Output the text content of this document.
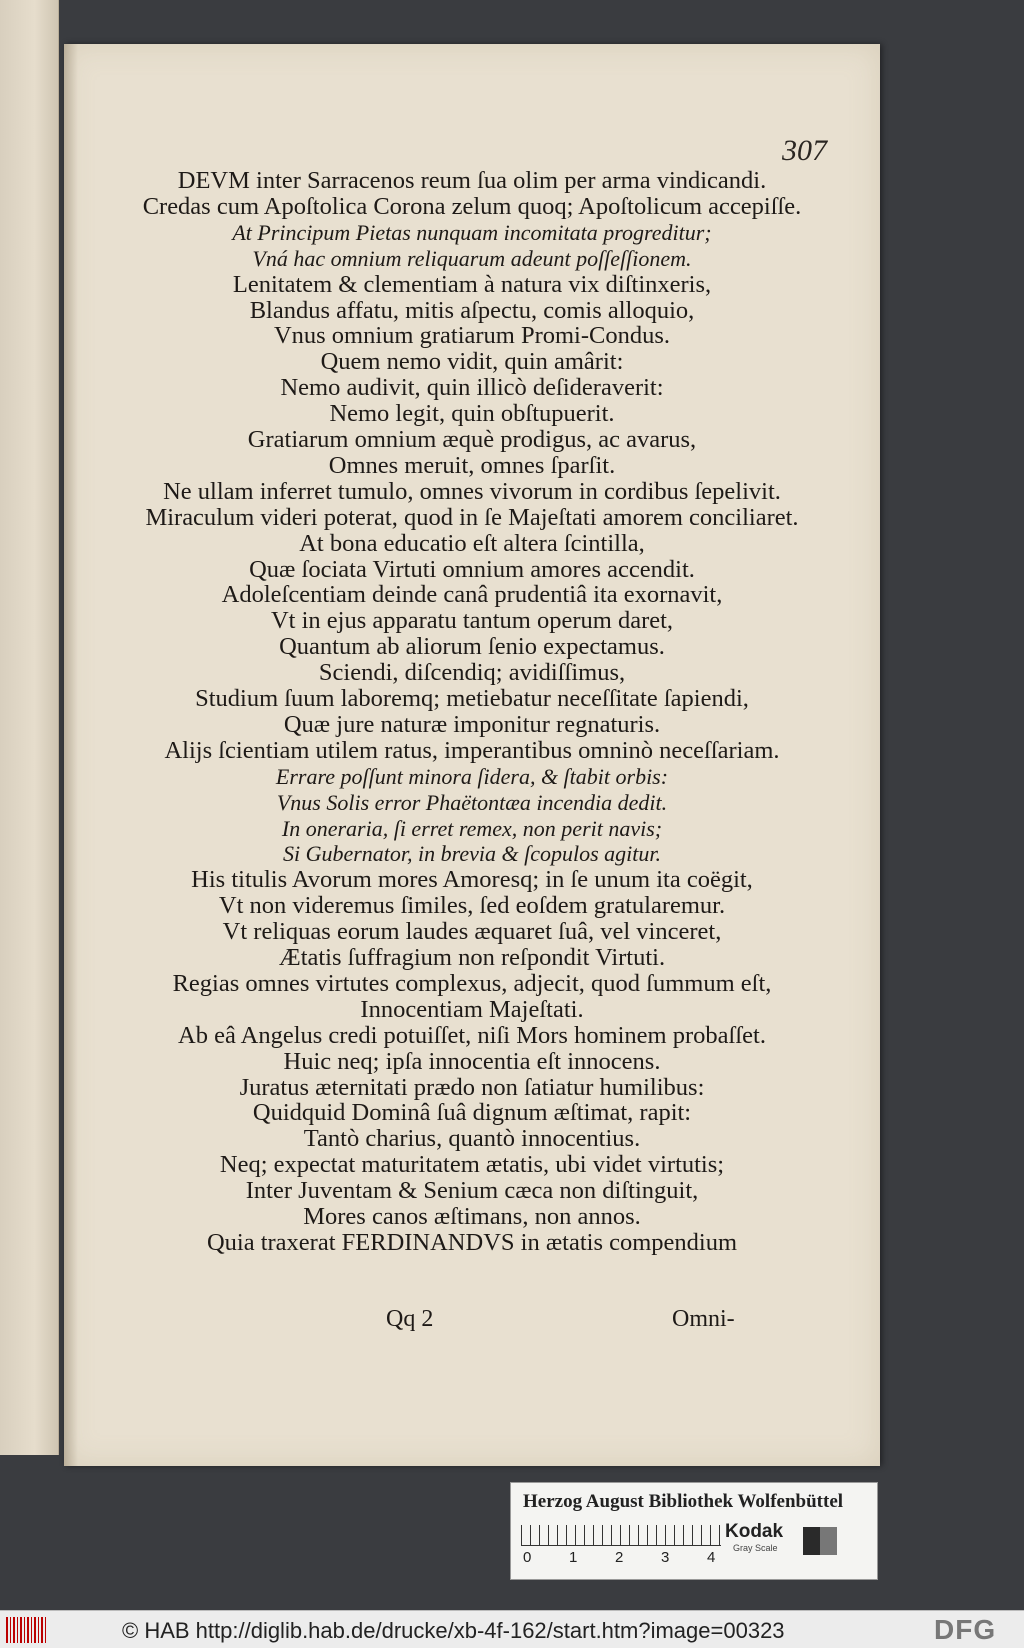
307
DEVM inter Sarracenos reum ſua olim per arma vindicandi.
Credas cum Apoſtolica Corona zelum quoq; Apoſtolicum accepiſſe.
At Principum Pietas nunquam incomitata progreditur;
Vná hac omnium reliquarum adeunt poſſeſſionem.
Lenitatem & clementiam à natura vix diſtinxeris,
Blandus affatu, mitis aſpectu, comis alloquio,
Vnus omnium gratiarum Promi-Condus.
Quem nemo vidit, quin amârit:
Nemo audivit, quin illicò deſideraverit:
Nemo legit, quin obſtupuerit.
Gratiarum omnium æquè prodigus, ac avarus,
Omnes meruit, omnes ſparſit.
Ne ullam inferret tumulo, omnes vivorum in cordibus ſepelivit.
Miraculum videri poterat, quod in ſe Majeſtati amorem conciliaret.
At bona educatio eſt altera ſcintilla,
Quæ ſociata Virtuti omnium amores accendit.
Adoleſcentiam deinde canâ prudentiâ ita exornavit,
Vt in ejus apparatu tantum operum daret,
Quantum ab aliorum ſenio expectamus.
Sciendi, diſcendiq; avidiſſimus,
Studium ſuum laboremq; metiebatur neceſſitate ſapiendi,
Quæ jure naturæ imponitur regnaturis.
Alijs ſcientiam utilem ratus, imperantibus omninò neceſſariam.
Errare poſſunt minora ſidera, & ſtabit orbis:
Vnus Solis error Phaëtontæa incendia dedit.
In oneraria, ſi erret remex, non perit navis;
Si Gubernator, in brevia & ſcopulos agitur.
His titulis Avorum mores Amoresq; in ſe unum ita coëgit,
Vt non videremus ſimiles, ſed eoſdem gratularemur.
Vt reliquas eorum laudes æquaret ſuâ, vel vinceret,
Ætatis ſuffragium non reſpondit Virtuti.
Regias omnes virtutes complexus, adjecit, quod ſummum eſt,
Innocentiam Majeſtati.
Ab eâ Angelus credi potuiſſet, niſi Mors hominem probaſſet.
Huic neq; ipſa innocentia eſt innocens.
Juratus æternitati prædo non ſatiatur humilibus:
Quidquid Dominâ ſuâ dignum æſtimat, rapit:
Tantò charius, quantò innocentius.
Neq; expectat maturitatem ætatis, ubi videt virtutis;
Inter Juventam & Senium cæca non diſtinguit,
Mores canos æſtimans, non annos.
Quia traxerat FERDINANDVS in ætatis compendium
Qq 2	Omni-
Herzog August Bibliothek Wolfenbüttel
0	1	2	3	4
Kodak
Gray Scale
© HAB http://diglib.hab.de/drucke/xb-4f-162/start.htm?image=00323	DFG
